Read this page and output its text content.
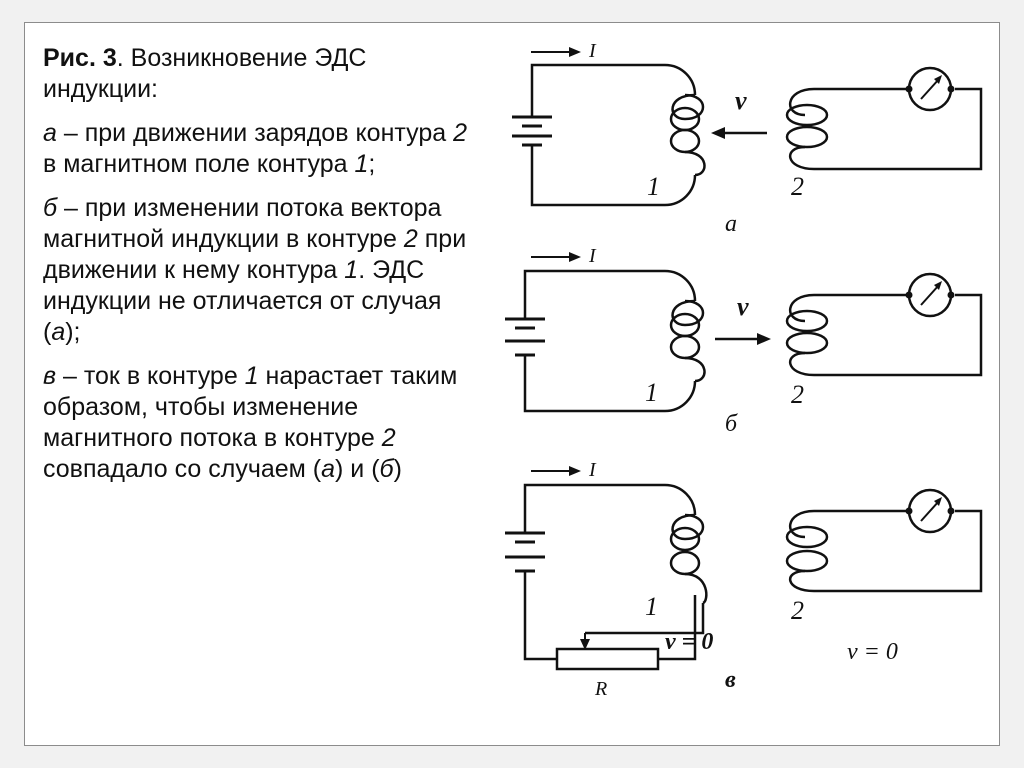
Рис. 3. Возникновение ЭДС индукции:

а – при движении зарядов контура 2 в магнитном поле контура 1;

б – при изменении потока вектора магнитной индукции в контуре 2 при движении к нему контура 1. ЭДС индукции не отличается от случая (а);

в – ток в контуре 1 нарастает таким образом, чтобы изменение магнитного потока в контуре 2 совпадало со случаем (а) и (б)

I
1
v
2
а
I
1
v
2
б
I
R
1
v = 0
в
2
v = 0
